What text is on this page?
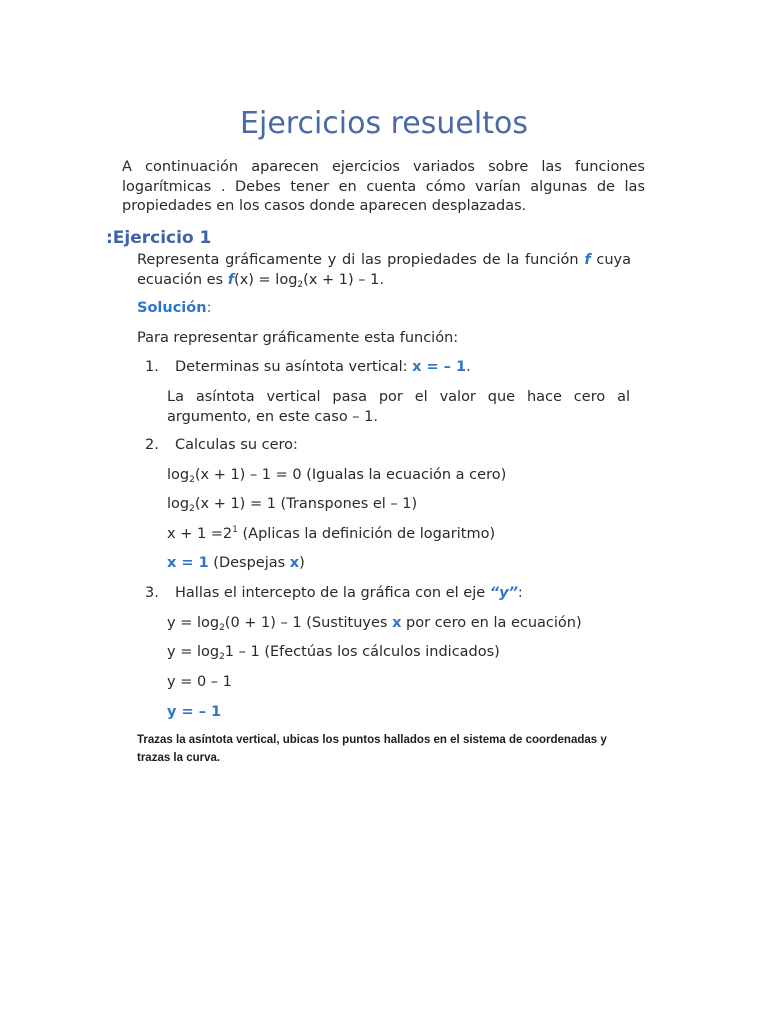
Ejercicios resueltos
A continuación aparecen ejercicios variados sobre las funciones logarítmicas . Debes tener en cuenta cómo varían algunas de las propiedades en los casos donde aparecen desplazadas.
:Ejercicio 1
Representa gráficamente y di las propiedades de la función f cuya ecuación es $f(x) = \log_2(x + 1) - 1$.
Solución:
Para representar gráficamente esta función:
1. Determinas su asíntota vertical: x = – 1.
La asíntota vertical pasa por el valor que hace cero al argumento, en este caso – 1.
2. Calculas su cero:
$\log_2(x + 1) - 1 = 0$ (Igualas la ecuación a cero)
$\log_2(x + 1) = 1$ (Transpones el – 1)
$x + 1 =2^1$ (Aplicas la definición de logaritmo)
x = 1 (Despejas x)
3. Hallas el intercepto de la gráfica con el eje “y”:
$y = \log_2(0 + 1) - 1$ (Sustituyes x por cero en la ecuación)
$y = \log_21 - 1$ (Efectúas los cálculos indicados)
y = 0 – 1
y = – 1
Trazas la asíntota vertical, ubicas los puntos hallados en el sistema de coordenadas y trazas la curva.
